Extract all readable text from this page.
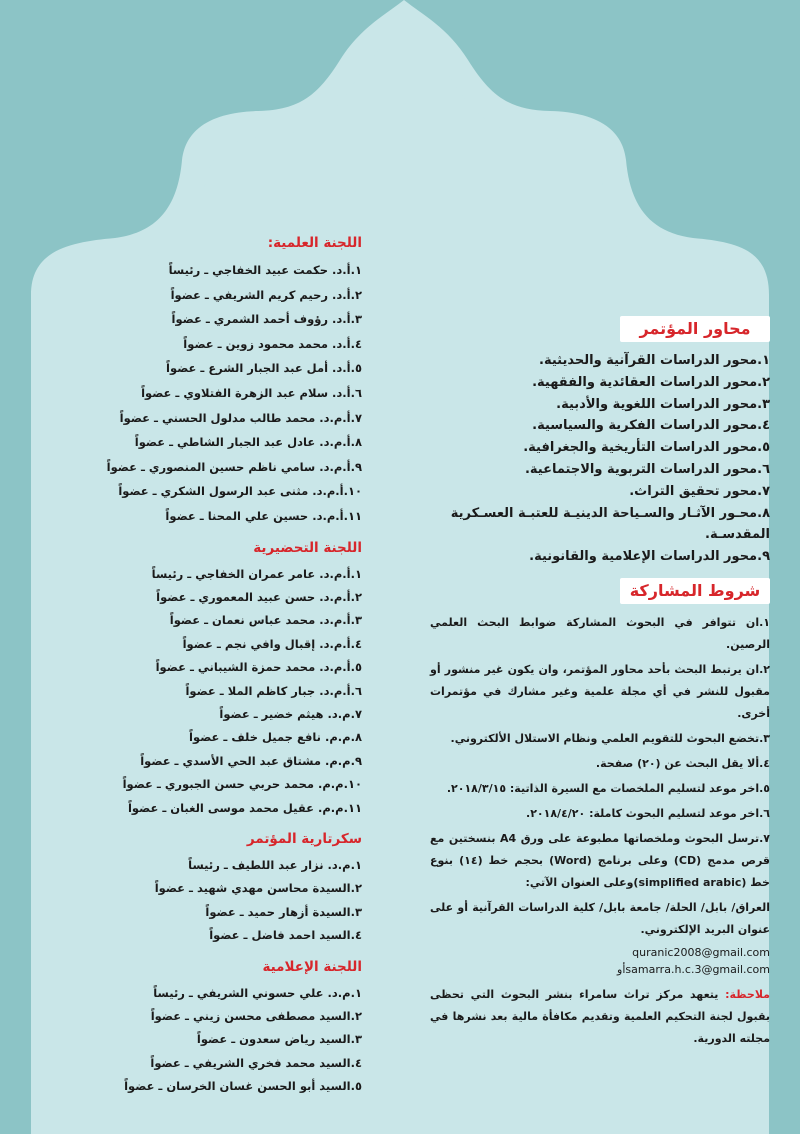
اللجنة العلمية:
١.أ.د. حكمت عبيد الخفاجي ـ رئيساً
٢.أ.د. رحيم كريم الشريفي ـ عضواً
٣.أ.د. رؤوف أحمد الشمري ـ عضواً
٤.أ.د. محمد محمود زوين ـ عضواً
٥.أ.د. أمل عبد الجبار الشرع ـ عضواً
٦.أ.د. سلام عبد الزهرة الفتلاوي ـ عضواً
٧.أ.م.د. محمد طالب مدلول الحسني ـ عضواً
٨.أ.م.د. عادل عبد الجبار الشاطي ـ عضواً
٩.أ.م.د. سامي ناظم حسين المنصوري ـ عضواً
١٠.أ.م.د. مثنى عبد الرسول الشكري ـ عضواً
١١.أ.م.د. حسين علي المحنا ـ عضواً
اللجنة التحضيرية
١.أ.م.د. عامر عمران الخفاجي ـ رئيساً
٢.أ.م.د. حسن عبيد المعموري ـ عضواً
٣.أ.م.د. محمد عباس نعمان ـ عضواً
٤.أ.م.د. إقبال وافي نجم ـ عضواً
٥.أ.م.د. محمد حمزة الشيباني ـ عضواً
٦.أ.م.د. جبار كاظم الملا ـ عضواً
٧.م.د. هيثم خضير ـ عضواً
٨.م.م. نافع جميل خلف ـ عضواً
٩.م.م. مشتاق عبد الحي الأسدي ـ عضواً
١٠.م.م. محمد حربي حسن الجبوري ـ عضواً
١١.م.م. عقيل محمد موسى الغبان ـ عضواً
سكرتارية المؤتمر
١.م.د. نزار عبد اللطيف ـ رئيساً
٢.السيدة محاسن مهدي شهيد ـ عضواً
٣.السيدة أزهار حميد ـ عضواً
٤.السيد احمد فاضل ـ عضواً
اللجنة الإعلامية
١.م.د. علي حسوني الشريفي ـ رئيساً
٢.السيد مصطفى محسن زيني ـ عضواً
٣.السيد رياض سعدون ـ عضواً
٤.السيد محمد فخري الشريفي ـ عضواً
٥.السيد أبو الحسن غسان الخرسان ـ عضواً
محاور المؤتمر
١.محور الدراسات القرآنية والحديثية.
٢.محور الدراسات العقائدية والفقهية.
٣.محور الدراسات اللغوية والأدبية.
٤.محور الدراسات الفكرية والسياسية.
٥.محور الدراسات التأريخية والجغرافية.
٦.محور الدراسات التربوية والاجتماعية.
٧.محور تحقيق التراث.
٨.محـور الآثـار والسـياحة الدينيـة للعتبـة العسـكرية المقدسـة.
٩.محور الدراسات الإعلامية والقانونية.
شروط المشاركة
١.ان تتوافر في البحوث المشاركة ضوابط البحث العلمي الرصين.
٢.ان يرتبط البحث بأحد محاور المؤتمر، وان يكون غير منشور أو مقبول للنشر في أي مجلة علمية وغير مشارك في مؤتمرات أخرى.
٣.تخضع البحوث للتقويم العلمي ونظام الاستلال الألكتروني.
٤.ألا يقل البحث عن (٢٠) صفحة.
٥.اخر موعد لتسليم الملخصات مع السيرة الذاتية: ٢٠١٨/٣/١٥.
٦.اخر موعد لتسليم البحوث كاملة: ٢٠١٨/٤/٢٠.
٧.ترسل البحوث وملخصاتها مطبوعة على ورق A4 بنسختين مع قرص مدمج (CD) وعلى برنامج (Word) بحجم خط (١٤) بنوع خط (simplified arabic)وعلى العنوان الآتي:
العراق/ بابل/ الحلة/ جامعة بابل/ كلية الدراسات القرآنية أو على عنوان البريد الإلكتروني.
quranic2008@gmail.com
أوsamarra.h.c.3@gmail.com
ملاحظة: يتعهد مركز تراث سامراء بنشر البحوث التي تحظى بقبول لجنة التحكيم العلمية وتقديم مكافأة مالية بعد نشرها في مجلته الدورية.
